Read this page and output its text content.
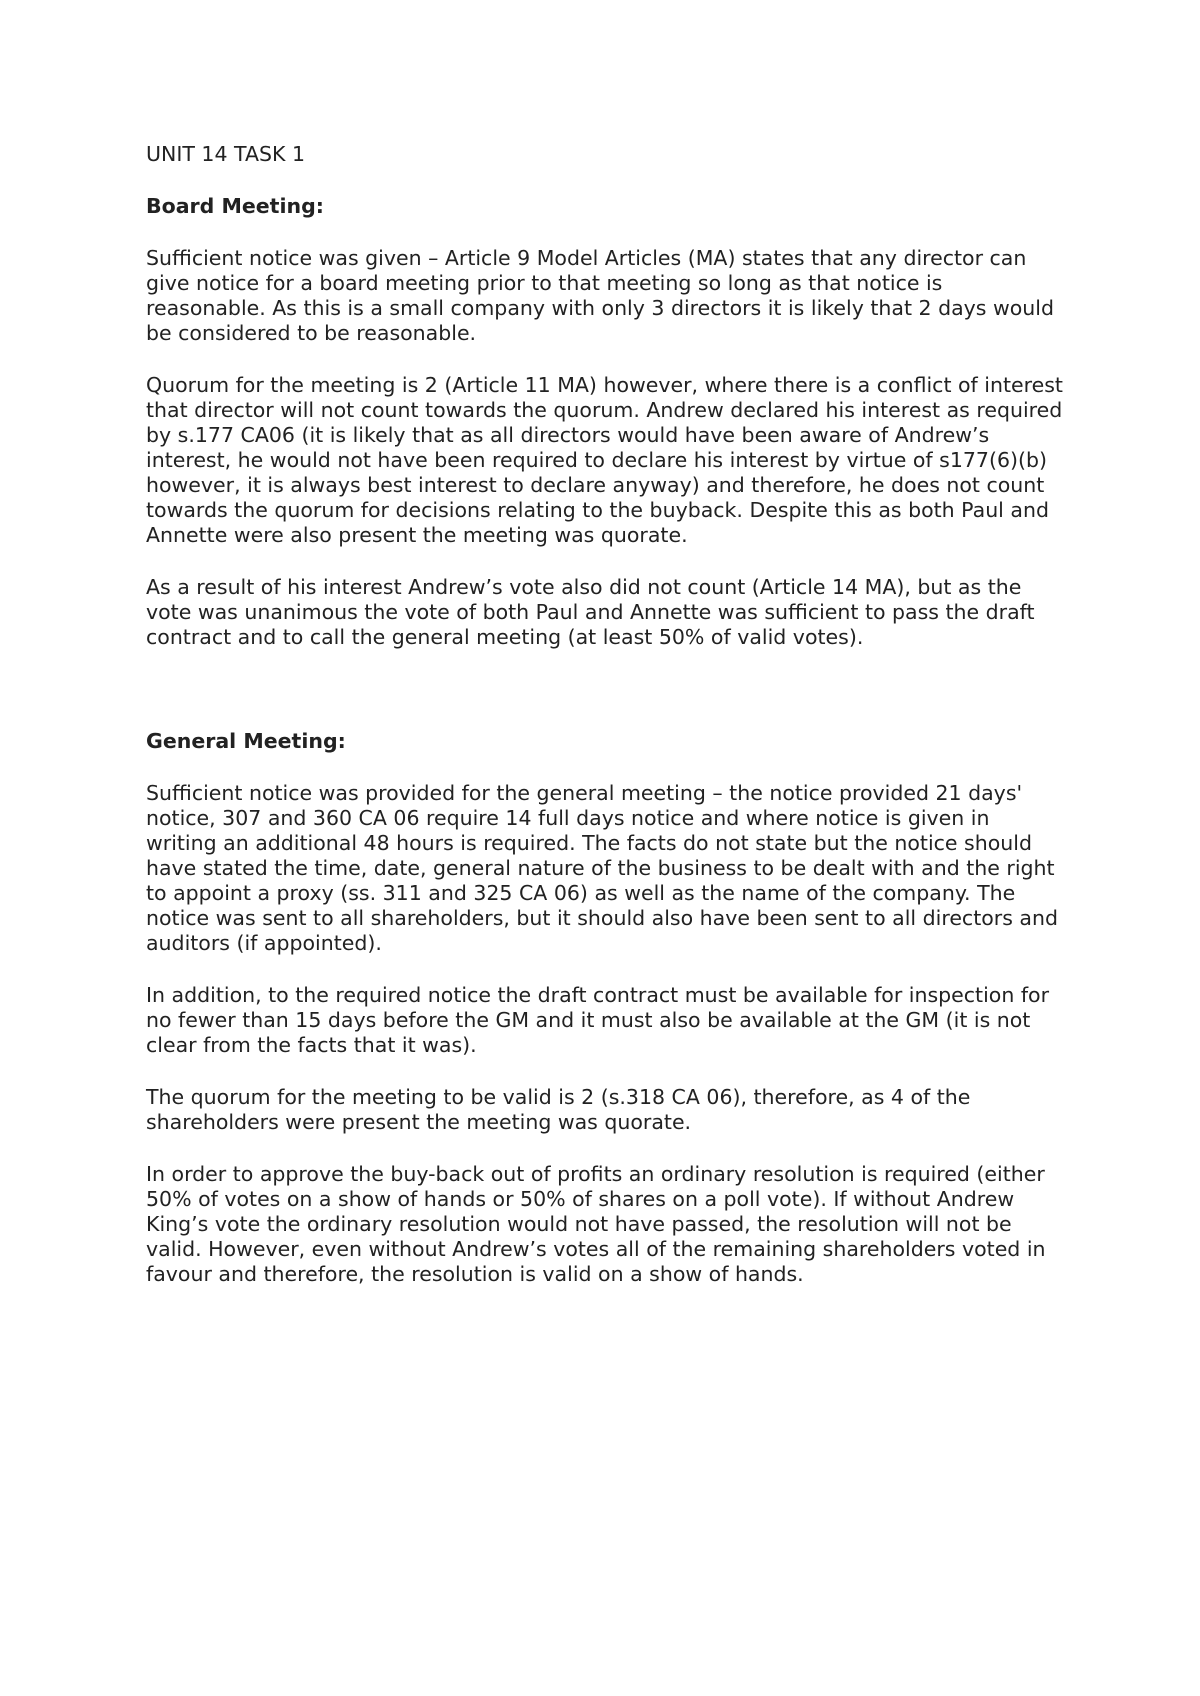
UNIT 14 TASK 1

Board Meeting:

Sufficient notice was given – Article 9 Model Articles (MA) states that any director can give notice for a board meeting prior to that meeting so long as that notice is reasonable. As this is a small company with only 3 directors it is likely that 2 days would be considered to be reasonable.

Quorum for the meeting is 2 (Article 11 MA) however, where there is a conflict of interest that director will not count towards the quorum. Andrew declared his interest as required by s.177 CA06 (it is likely that as all directors would have been aware of Andrew’s interest, he would not have been required to declare his interest by virtue of s177(6)(b) however, it is always best interest to declare anyway) and therefore, he does not count towards the quorum for decisions relating to the buyback. Despite this as both Paul and Annette were also present the meeting was quorate.

As a result of his interest Andrew’s vote also did not count (Article 14 MA), but as the vote was unanimous the vote of both Paul and Annette was sufficient to pass the draft contract and to call the general meeting (at least 50% of valid votes).

General Meeting:

Sufficient notice was provided for the general meeting – the notice provided 21 days' notice, 307 and 360 CA 06 require 14 full days notice and where notice is given in writing an additional 48 hours is required. The facts do not state but the notice should have stated the time, date, general nature of the business to be dealt with and the right to appoint a proxy (ss. 311 and 325 CA 06) as well as the name of the company. The notice was sent to all shareholders, but it should also have been sent to all directors and auditors (if appointed).

In addition, to the required notice the draft contract must be available for inspection for no fewer than 15 days before the GM and it must also be available at the GM (it is not clear from the facts that it was).

The quorum for the meeting to be valid is 2 (s.318 CA 06), therefore, as 4 of the shareholders were present the meeting was quorate.

In order to approve the buy-back out of profits an ordinary resolution is required (either 50% of votes on a show of hands or 50% of shares on a poll vote). If without Andrew King’s vote the ordinary resolution would not have passed, the resolution will not be valid. However, even without Andrew’s votes all of the remaining shareholders voted in favour and therefore, the resolution is valid on a show of hands.
